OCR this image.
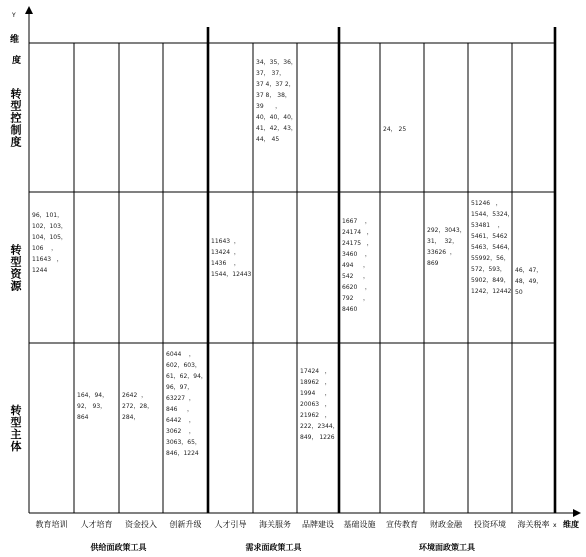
Y
维
度
x 维度
转型控制度
转型资源
转型主体
教育培训 人才培育 资金投入 创新升级 人才引导 海关服务 品牌建设 基础设施 宣传教育 财政金融 投资环境 海关税率
供给面政策工具	需求面政策工具	环境面政策工具
34，35，36，
37， 37，
37 4，37 2，
37 8， 38，
39      ，
40，40，40，
41，42，43，
44， 45
24， 25
96，101，
102，103，
104，105，
106    ，
11643   ，
1244
11643  ，
13424  ，
1436    ，
1544，12443
1667    ，
24174   ，
24175   ，
3460    ，
494     ，
542     ，
6620    ，
792     ，
8460
292，3043，
31，  32，
33626  ，
869
51246   ，
1544，5324，
53481    ，
5461，5462
5463，5464，
55992，56，
572，593，
5902，849，
1242，12442
46，47，
48，49，
50
164，94，
92， 93，
864
2642  ，
272，28，
284，
6044    ，
602，603，
61，62，94，
96，97，
63227  ，
846     ，
6442    ，
3062    ，
3063，65，
846，1224
17424   ，
18962   ，
1994     ，
20063   ，
21962   ，
222，2344，
849， 1226
